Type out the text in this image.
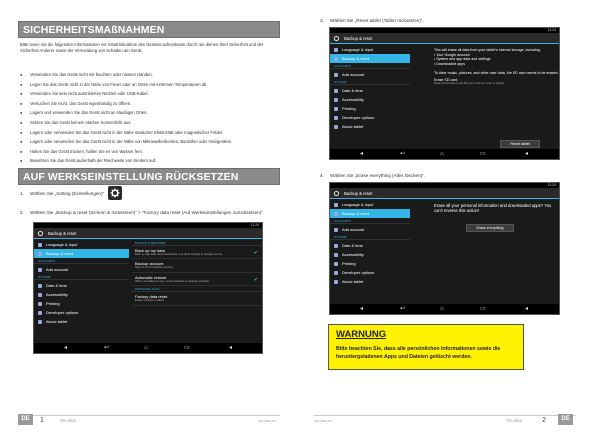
SICHERHEITSMAßNAHMEN
Bitte lesen Sie die folgenden Informationen vor Inbetriebnahme des Gerätes aufmerksam durch; sie dienen Ihrer Sicherheit und der Sicherheit Anderer sowie der Vermeidung von Schäden am Gerät.
● Verwenden Sie das Gerät nicht mit feuchten oder nassen Händen.
● Legen Sie das Gerät nicht in der Nähe von Feuer oder an Orten mit extremen Temperaturen ab.
● Verwenden Sie kein nicht autorisiertes Netzteil oder USB-Kabel.
● Versuchen Sie nicht, das Gerät eigenhändig zu öffnen.
● Lagern und verwenden Sie das Gerät nicht an staubigen Orten.
● Setzen Sie das Gerät keinem starken Sonnenlicht aus.
● Lagern oder verwenden Sie das Gerät nicht in der Nähe statischer Elektrizität oder magnetischer Felder.
● Lagern oder verwenden Sie das Gerät nicht in der Nähe von Mikrowellenherden, Backöfen oder Heizgeräten.
● Halten Sie das Gerät trocken; halten Sie es von Wasser fern.
● Bewahren Sie das Gerät außerhalb der Reichweite von Kindern auf.
AUF WERKSEINSTELLUNG RÜCKSETZEN
1. Wählen Sie „Setting (Einstellungen)“
2. Wählen Sie „Backup & reset (Sichern & rücksetzen)“ > “Factory data reset (Auf Werkseinstellungen zurücksetzen)“.
11:24
Backup & reset
Language & input
Backup & reset
ACCOUNTS
Add account
SYSTEM
Date & time
Accessibility
Printing
Developer options
About tablet
BACKUP & RESTORE
Back up my data
Back up app data, Wi-Fi passwords, and other settings to Google servers	✔
Backup account
Need to set the backup account
Automatic restore
When reinstalling an app, restore backed up settings and data	✔
PERSONAL DATA
Factory data reset
Erases all data on tablet
◂	↩	⌂	▭	◂
DE	1	TPC-0E10	GEV2BE-001
3. Wählen Sie „Reset tablet (Tablet rücksetzen)“.
11:24
Backup & reset
Language & input
Backup & reset
ACCOUNTS
Add account
SYSTEM
Date & time
Accessibility
Printing
Developer options
About tablet
This will erase all data from your tablet's internal storage, including:
• Your Google account
• System and app data and settings
• Downloaded apps

To clear music, pictures, and other user data, the SD card needs to be erased.
Erase SD card
Erase all the data on the SD card, such as music or photos
Reset tablet
◂	↩	⌂	▭	◂
4. Wählen Sie „Erase everything (Alles löschen)“.
11:24
Backup & reset
Language & input
Backup & reset
ACCOUNTS
Add account
SYSTEM
Date & time
Accessibility
Printing
Developer options
About tablet
Erase all your personal information and downloaded apps? You can't reverse this action!
Erase everything
◂	↩	⌂	▭	◂
GEV2BE-001	TPC-0E10	2	DE
WARNUNG
Bitte beachten Sie, dass alle persönlichen Informationen sowie die heruntergeladenen Apps und Dateien gelöscht werden.
